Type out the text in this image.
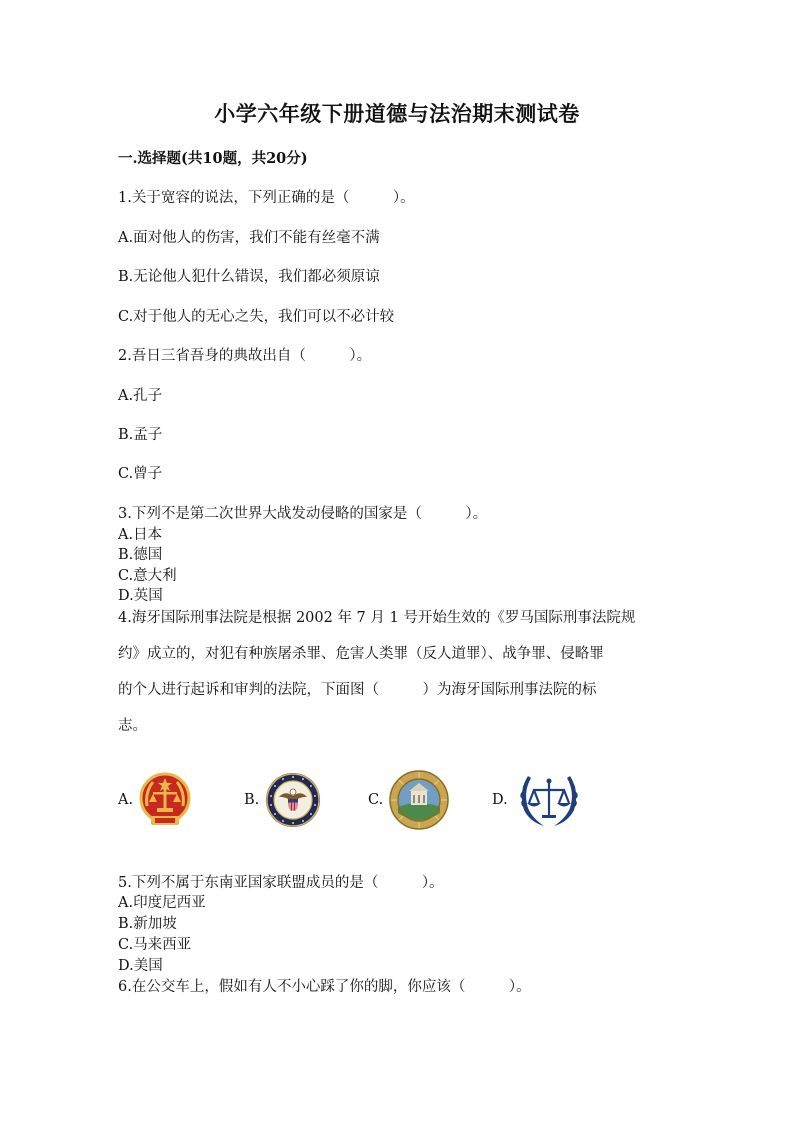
小学六年级下册道德与法治期末测试卷
一.选择题(共10题，共20分)
1.关于宽容的说法，下列正确的是（　　　）。
A.面对他人的伤害，我们不能有丝毫不满
B.无论他人犯什么错误，我们都必须原谅
C.对于他人的无心之失，我们可以不必计较
2.吾日三省吾身的典故出自（　　　）。
A.孔子
B.孟子
C.曾子
3.下列不是第二次世界大战发动侵略的国家是（　　　）。
A.日本
B.德国
C.意大利
D.英国
4.海牙国际刑事法院是根据 2002 年 7 月 1 号开始生效的《罗马国际刑事法院规
约》成立的，对犯有种族屠杀罪、危害人类罪（反人道罪）、战争罪、侵略罪
的个人进行起诉和审判的法院，下面图（　　　）为海牙国际刑事法院的标
志。
A.	B.	C.	D.
5.下列不属于东南亚国家联盟成员的是（　　　）。
A.印度尼西亚
B.新加坡
C.马来西亚
D.美国
6.在公交车上，假如有人不小心踩了你的脚，你应该（　　　）。
